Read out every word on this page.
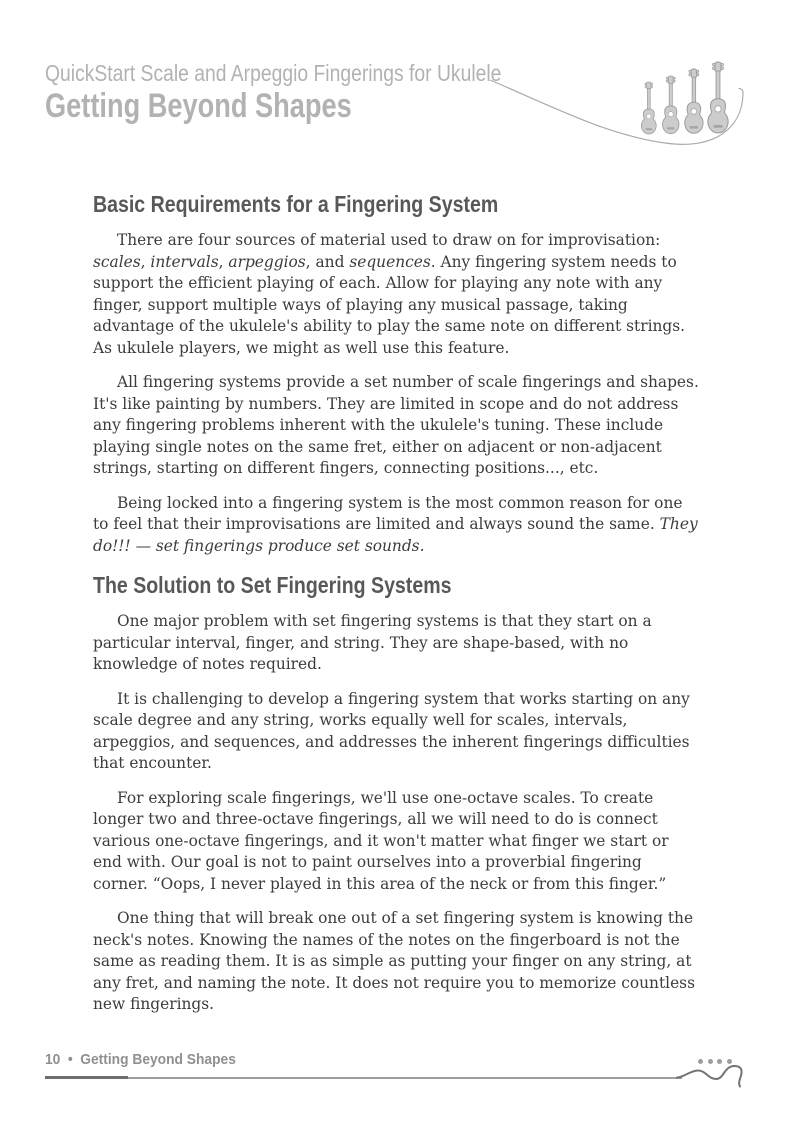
QuickStart Scale and Arpeggio Fingerings for Ukulele
Getting Beyond Shapes
Basic Requirements for a Fingering System

There are four sources of material used to draw on for improvisation: scales, intervals, arpeggios, and sequences. Any fingering system needs to support the efficient playing of each. Allow for playing any note with any finger, support multiple ways of playing any musical passage, taking advantage of the ukulele's ability to play the same note on different strings. As ukulele players, we might as well use this feature.

All fingering systems provide a set number of scale fingerings and shapes. It's like painting by numbers. They are limited in scope and do not address any fingering problems inherent with the ukulele's tuning. These include playing single notes on the same fret, either on adjacent or non-adjacent strings, starting on different fingers, connecting positions..., etc.

Being locked into a fingering system is the most common reason for one to feel that their improvisations are limited and always sound the same. They do!!! — set fingerings produce set sounds.

The Solution to Set Fingering Systems

One major problem with set fingering systems is that they start on a particular interval, finger, and string. They are shape-based, with no knowledge of notes required.

It is challenging to develop a fingering system that works starting on any scale degree and any string, works equally well for scales, intervals, arpeggios, and sequences, and addresses the inherent fingerings difficulties that encounter.

For exploring scale fingerings, we'll use one-octave scales. To create longer two and three-octave fingerings, all we will need to do is connect various one-octave fingerings, and it won't matter what finger we start or end with. Our goal is not to paint ourselves into a proverbial fingering corner. “Oops, I never played in this area of the neck or from this finger.”

One thing that will break one out of a set fingering system is knowing the neck's notes. Knowing the names of the notes on the fingerboard is not the same as reading them. It is as simple as putting your finger on any string, at any fret, and naming the note. It does not require you to memorize countless new fingerings.

10 • Getting Beyond Shapes
